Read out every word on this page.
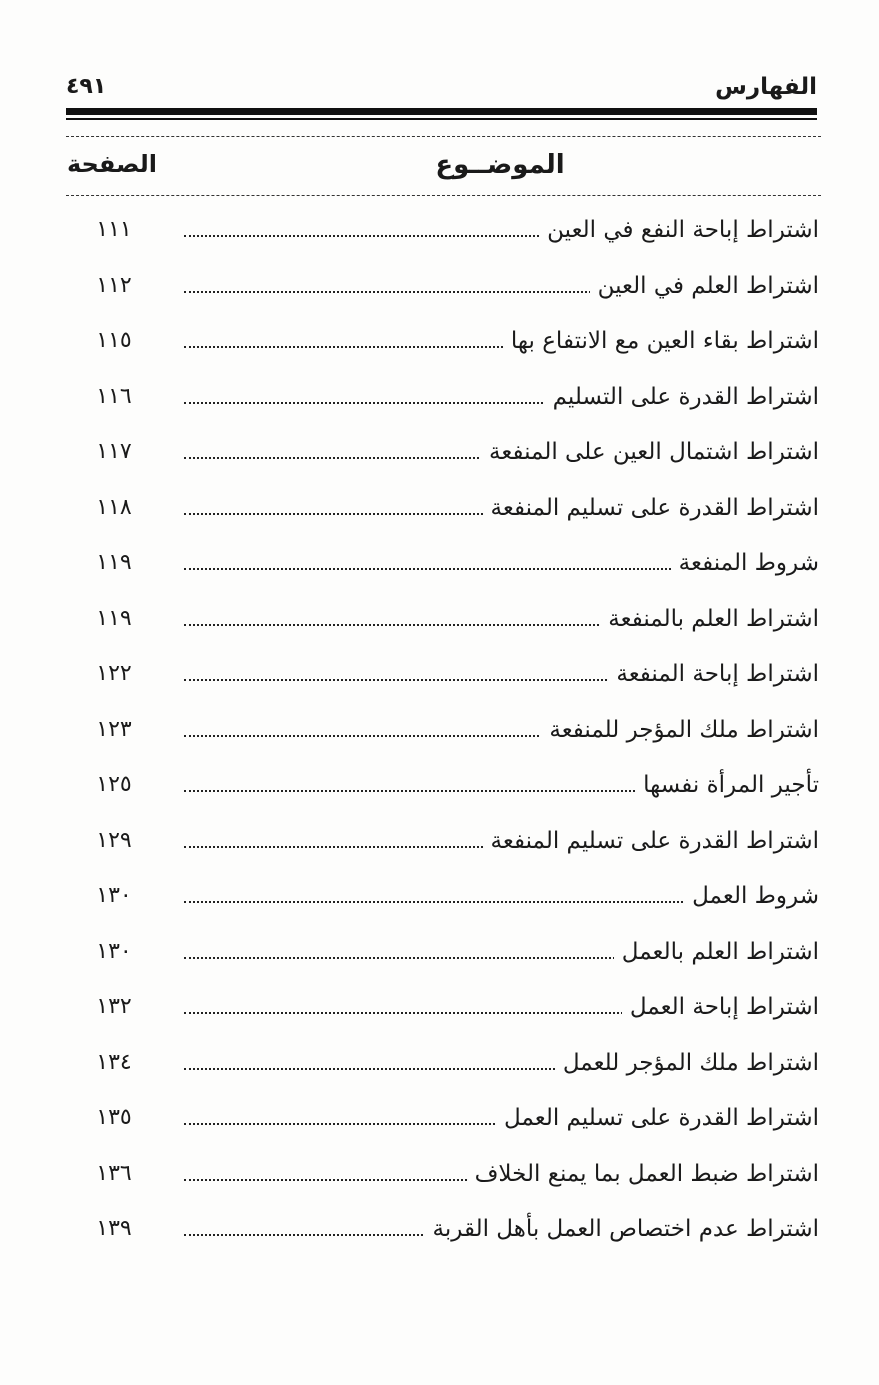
الفهارس
٤٩١
الموضــوع
الصفحة
اشتراط إباحة النفع في العين
١١١
اشتراط العلم في العين
١١٢
اشتراط بقاء العين مع الانتفاع بها
١١٥
اشتراط القدرة على التسليم
١١٦
اشتراط اشتمال العين على المنفعة
١١٧
اشتراط القدرة على تسليم المنفعة
١١٨
شروط المنفعة
١١٩
اشتراط العلم بالمنفعة
١١٩
اشتراط إباحة المنفعة
١٢٢
اشتراط ملك المؤجر للمنفعة
١٢٣
تأجير المرأة نفسها
١٢٥
اشتراط القدرة على تسليم المنفعة
١٢٩
شروط العمل
١٣٠
اشتراط العلم بالعمل
١٣٠
اشتراط إباحة العمل
١٣٢
اشتراط ملك المؤجر للعمل
١٣٤
اشتراط القدرة على تسليم العمل
١٣٥
اشتراط ضبط العمل بما يمنع الخلاف
١٣٦
اشتراط عدم اختصاص العمل بأهل القربة
١٣٩
